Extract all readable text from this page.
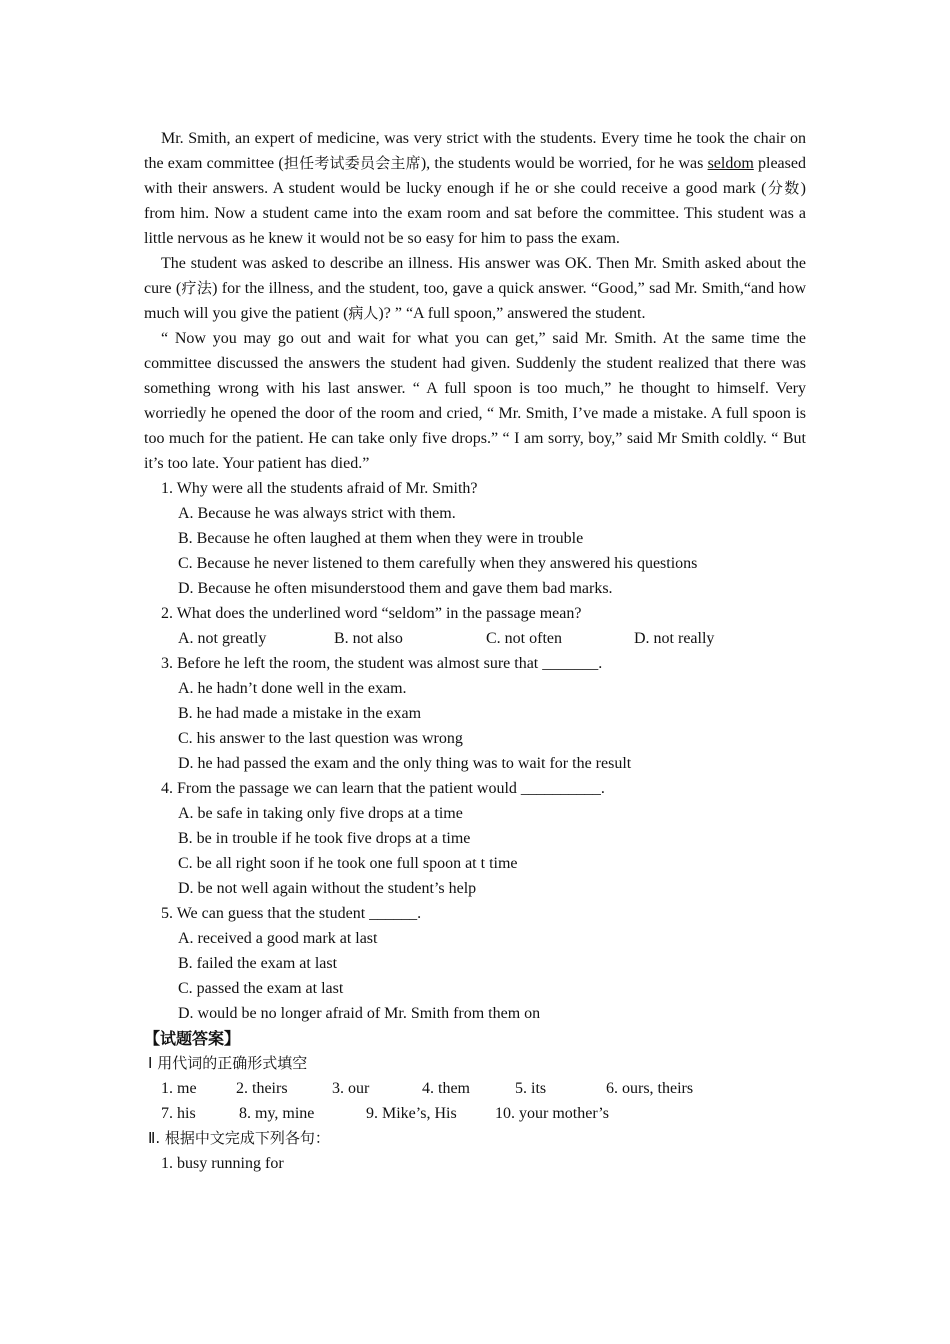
Mr. Smith, an expert of medicine, was very strict with the students. Every time he took the chair on the exam committee (担任考试委员会主席), the students would be worried, for he was seldom pleased with their answers. A student would be lucky enough if he or she could receive a good mark (分数) from him. Now a student came into the exam room and sat before the committee. This student was a little nervous as he knew it would not be so easy for him to pass the exam.

The student was asked to describe an illness. His answer was OK. Then Mr. Smith asked about the cure (疗法) for the illness, and the student, too, gave a quick answer. “Good,” sad Mr. Smith,“and how much will you give the patient (病人)? ” “A full spoon,” answered the student.

“ Now you may go out and wait for what you can get,” said Mr. Smith. At the same time the committee discussed the answers the student had given. Suddenly the student realized that there was something wrong with his last answer. “ A full spoon is too much,” he thought to himself. Very worriedly he opened the door of the room and cried, “ Mr. Smith, I’ve made a mistake. A full spoon is too much for the patient. He can take only five drops.” “ I am sorry, boy,” said Mr Smith coldly. “ But it’s too late. Your patient has died.”

1. Why were all the students afraid of Mr. Smith?
A. Because he was always strict with them.
B. Because he often laughed at them when they were in trouble
C. Because he never listened to them carefully when they answered his questions
D. Because he often misunderstood them and gave them bad marks.
2. What does the underlined word “seldom” in the passage mean?
A. not greatly	B. not also	C. not often	D. not really
3. Before he left the room, the student was almost sure that _______.
A. he hadn’t done well in the exam.
B. he had made a mistake in the exam
C. his answer to the last question was wrong
D. he had passed the exam and the only thing was to wait for the result
4. From the passage we can learn that the patient would __________.
A. be safe in taking only five drops at a time
B. be in trouble if he took five drops at a time
C. be all right soon if he took one full spoon at t time
D. be not well again without the student’s help
5. We can guess that the student ______.
A. received a good mark at last
B. failed the exam at last
C. passed the exam at last
D. would be no longer afraid of Mr. Smith from them on
【试题答案】
Ⅰ 用代词的正确形式填空
1. me	2. theirs	3. our	4. them	5. its	6. ours, theirs
7. his	8. my, mine	9. Mike’s, His	10. your mother’s
Ⅱ. 根据中文完成下列各句：
1. busy running for
